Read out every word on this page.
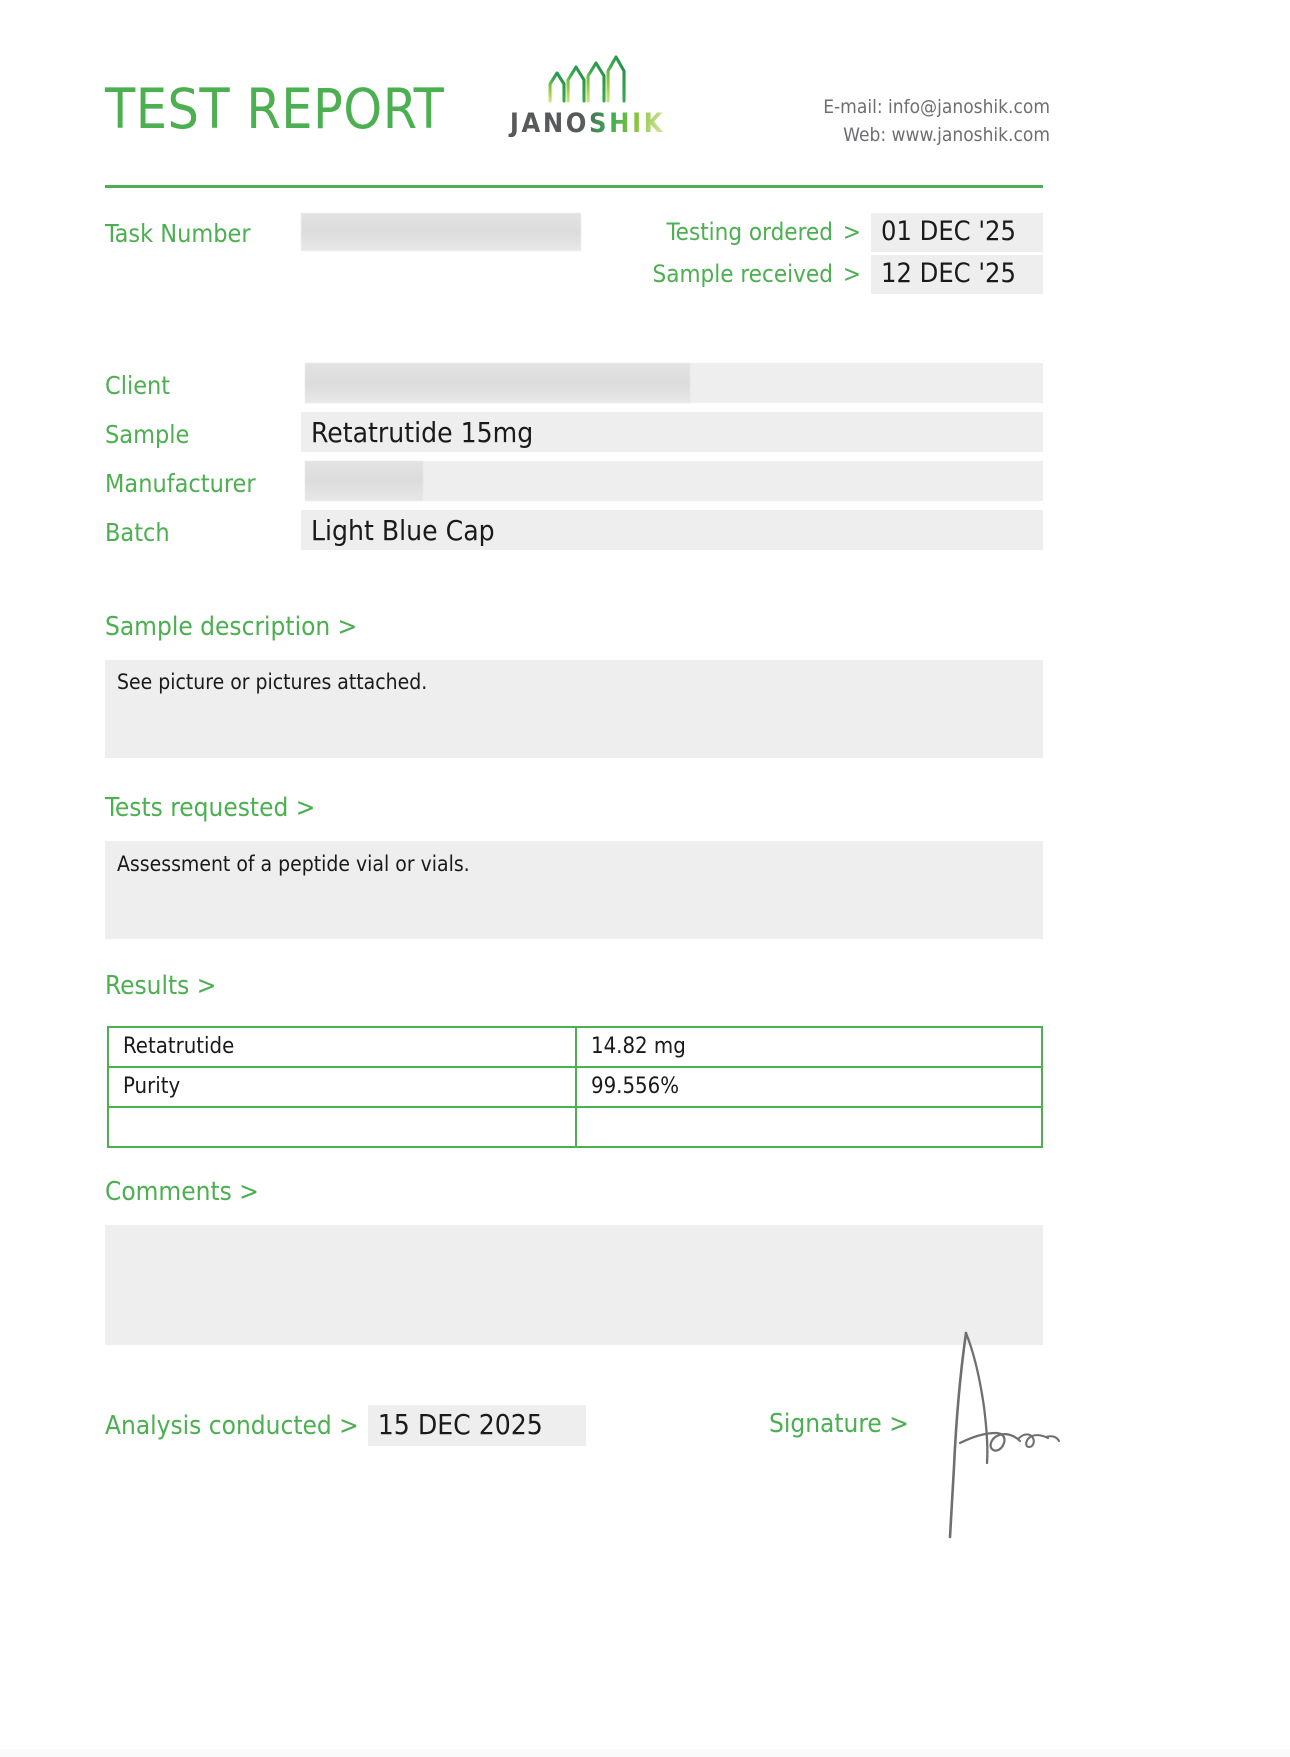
TEST REPORT	JANOSHIK
E-mail: info@janoshik.com
Web: www.janoshik.com
Task Number	Testing ordered > 01 DEC '25
Sample received > 12 DEC '25
Client
Sample	Retatrutide 15mg
Manufacturer
Batch	Light Blue Cap
Sample description >
See picture or pictures attached.
Tests requested >
Assessment of a peptide vial or vials.
Results >
Retatrutide	14.82 mg
Purity	99.556%

Comments >
Analysis conducted > 15 DEC 2025	Signature >
